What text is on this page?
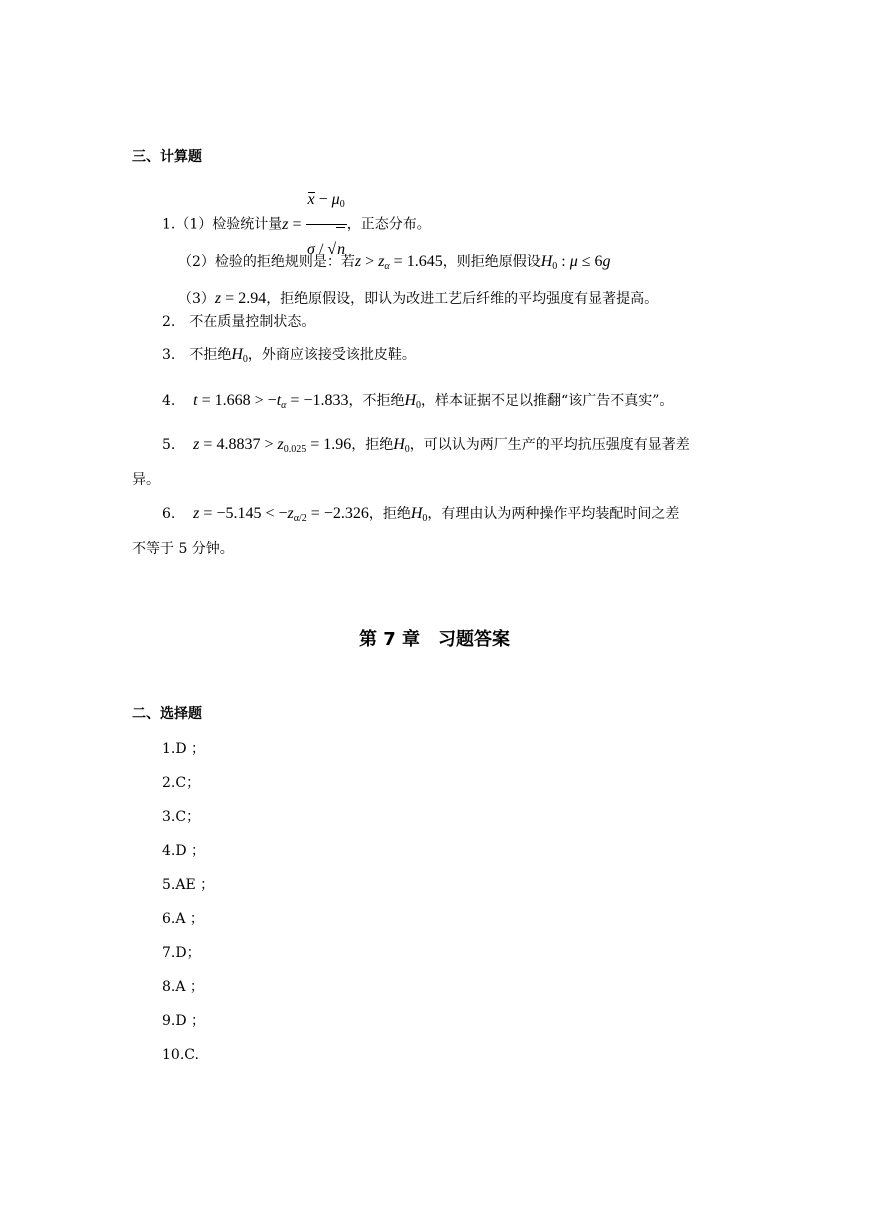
三、计算题
1.（1）检验统计量$z = \frac{x - \mu_0}{\sigma / √n}$ ，正态分布。
（2）检验的拒绝规则是：若$z > z_\alpha = 1.645$，则拒绝原假设$H_0$ : μ ≤ 6g
（3）z = 2.94，拒绝原假设，即认为改进工艺后纤维的平均强度有显著提高。
2.　不在质量控制状态。
3.　不拒绝$H_0$，外商应该接受该批皮鞋。
4. $t = 1.668 > -t_\alpha = -1.833$，不拒绝$H_0$，样本证据不足以推翻“该广告不真实”。
5. $z = 4.8837 > z_{0.025} = 1.96$，拒绝$H_0$，可以认为两厂生产的平均抗压强度有显著差
异。
6. $z = -5.145 < -z_{\alpha/2} = -2.326$，拒绝$H_0$，有理由认为两种操作平均装配时间之差
不等于 5 分钟。
第 7 章　习题答案
二、选择题
1.D ；
2.C；
3.C；
4.D ；
5.AE ；
6.A ；
7.D；
8.A ；
9.D ；
10.C.
